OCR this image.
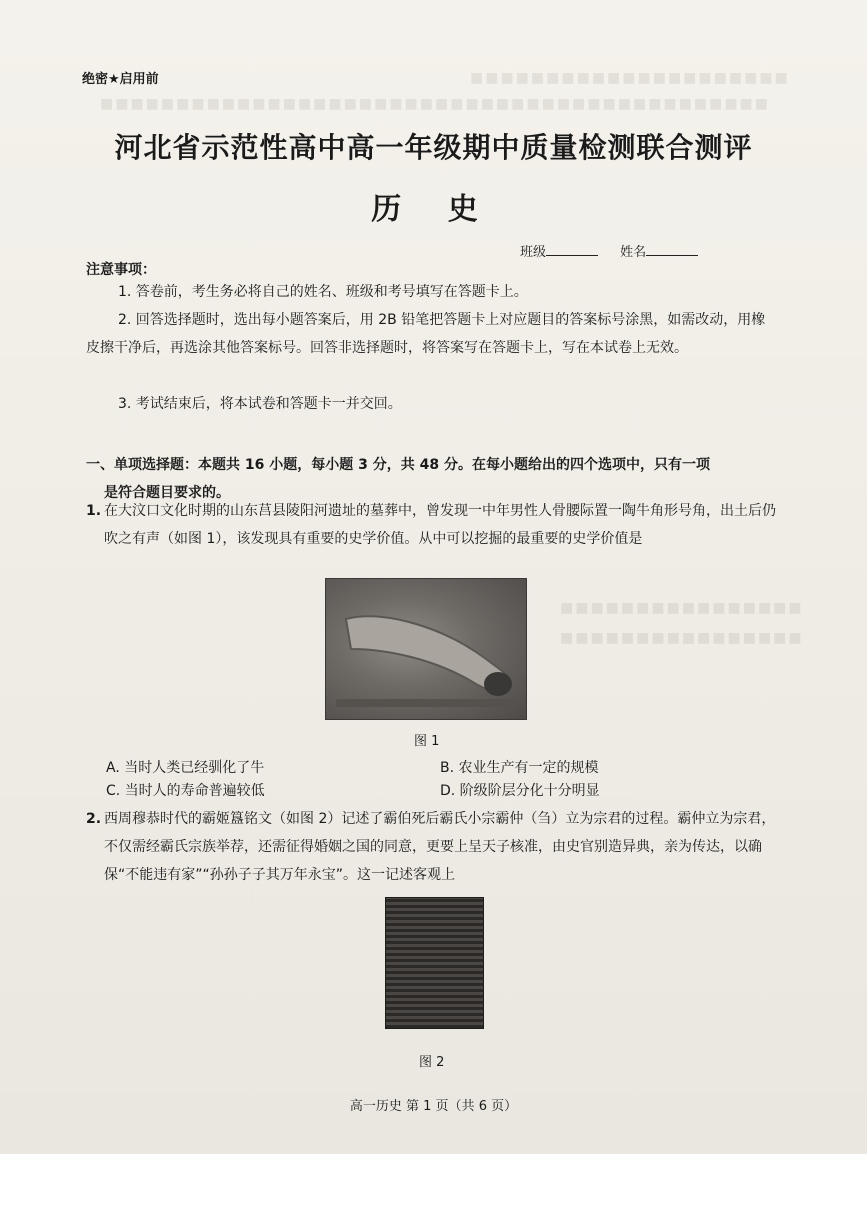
■■■■■■■■■■■■■■■■■■■■■
■■■■■■■■■■■■■■■■■■■■■■■■■■■■■■■■■■■■■■■■■■■■
■■■■■■■■■■■■■■■■
■■■■■■■■■■■■■■■■
绝密★启用前
河北省示范性高中高一年级期中质量检测联合测评
历 史
班级	姓名
注意事项：
1. 答卷前，考生务必将自己的姓名、班级和考号填写在答题卡上。
2. 回答选择题时，选出每小题答案后，用 2B 铅笔把答题卡上对应题目的答案标号涂黑，如需改动，用橡皮擦干净后，再选涂其他答案标号。回答非选择题时，将答案写在答题卡上，写在本试卷上无效。
3. 考试结束后，将本试卷和答题卡一并交回。
一、单项选择题：本题共 16 小题，每小题 3 分，共 48 分。在每小题给出的四个选项中，只有一项
是符合题目要求的。
1. 在大汶口文化时期的山东莒县陵阳河遗址的墓葬中，曾发现一中年男性人骨腰际置一陶牛角形号角，出土后仍吹之有声（如图 1），该发现具有重要的史学价值。从中可以挖掘的最重要的史学价值是
图 1
A. 当时人类已经驯化了牛	B. 农业生产有一定的规模
C. 当时人的寿命普遍较低	D. 阶级阶层分化十分明显
2. 西周穆恭时代的霸姬簋铭文（如图 2）记述了霸伯死后霸氏小宗霸仲（刍）立为宗君的过程。霸仲立为宗君，不仅需经霸氏宗族举荐，还需征得婚姻之国的同意，更要上呈天子核准，由史官别造异典，亲为传达，以确保“不能违有家”“孙孙子子其万年永宝”。这一记述客观上
图 2
高一历史 第 1 页（共 6 页）
